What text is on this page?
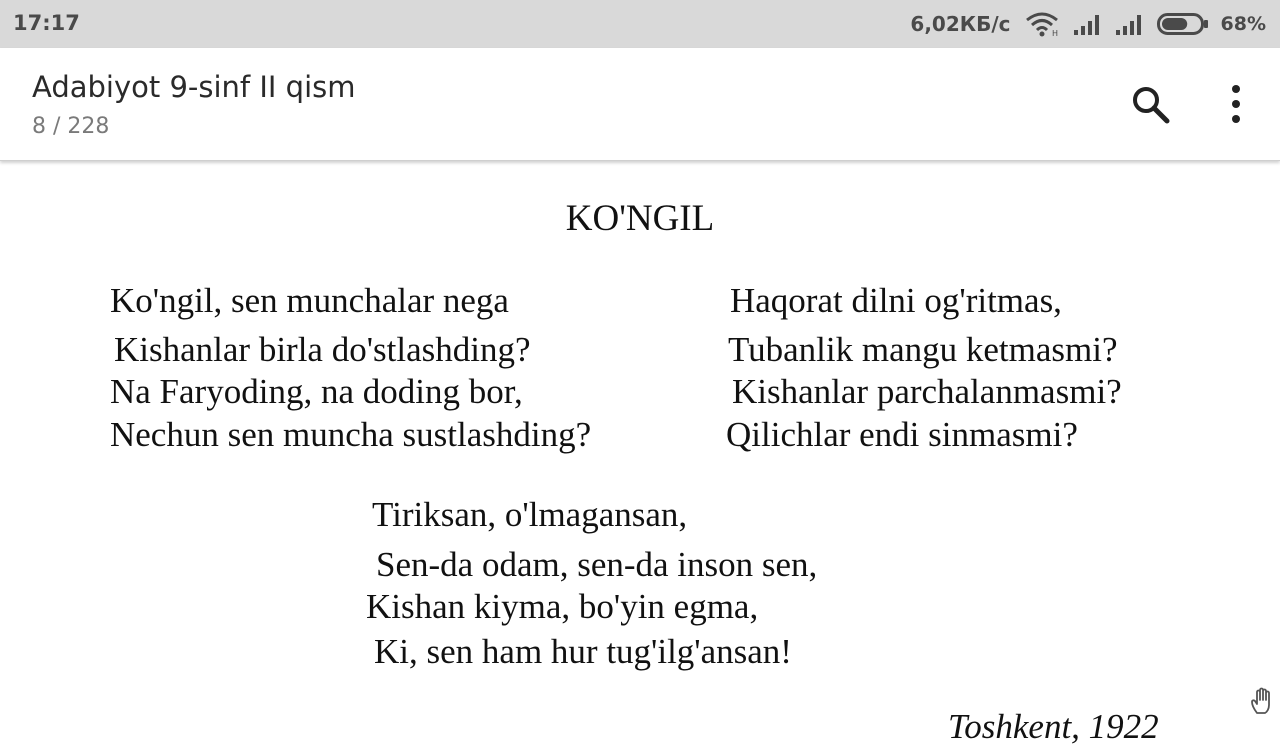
17:17	6,02КБ/с	H	68%
Adabiyot 9-sinf II qism
8 / 228
KO'NGIL
Ko'ngil, sen munchalar nega
Kishanlar birla do'stlashding?
Na Faryoding, na doding bor,
Nechun sen muncha sustlashding?
Haqorat dilni og'ritmas,
Tubanlik mangu ketmasmi?
Kishanlar parchalanmasmi?
Qilichlar endi sinmasmi?
Tiriksan, o'lmagansan,
Sen-da odam, sen-da inson sen,
Kishan kiyma, bo'yin egma,
Ki, sen ham hur tug'ilg'ansan!
Toshkent, 1922
